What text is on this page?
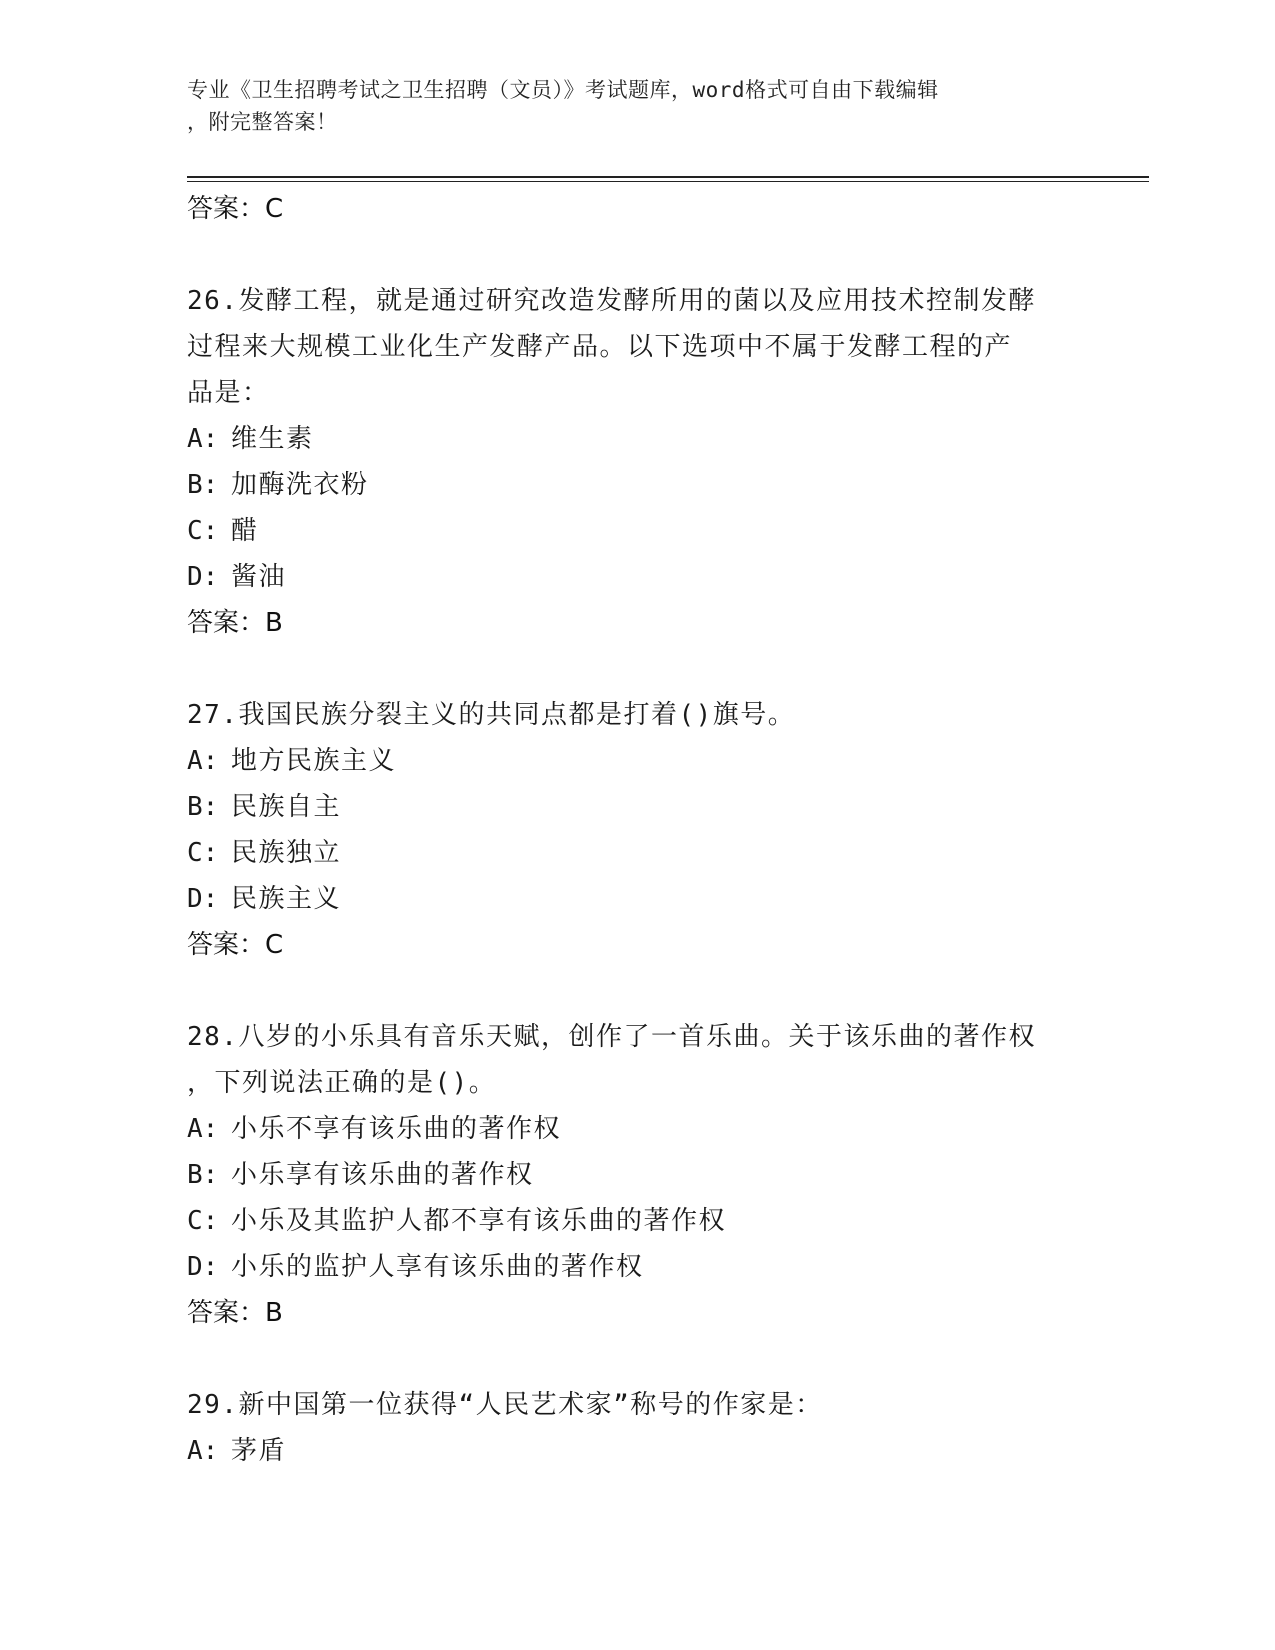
专业《卫生招聘考试之卫生招聘（文员）》考试题库，word格式可自由下载编辑
，附完整答案！
答案：C
26.发酵工程，就是通过研究改造发酵所用的菌以及应用技术控制发酵
过程来大规模工业化生产发酵产品。以下选项中不属于发酵工程的产
品是：
A: 维生素
B: 加酶洗衣粉
C: 醋
D: 酱油
答案：B
27.我国民族分裂主义的共同点都是打着()旗号。
A: 地方民族主义
B: 民族自主
C: 民族独立
D: 民族主义
答案：C
28.八岁的小乐具有音乐天赋，创作了一首乐曲。关于该乐曲的著作权
，下列说法正确的是()。
A: 小乐不享有该乐曲的著作权
B: 小乐享有该乐曲的著作权
C: 小乐及其监护人都不享有该乐曲的著作权
D: 小乐的监护人享有该乐曲的著作权
答案：B
29.新中国第一位获得“人民艺术家”称号的作家是：
A: 茅盾
